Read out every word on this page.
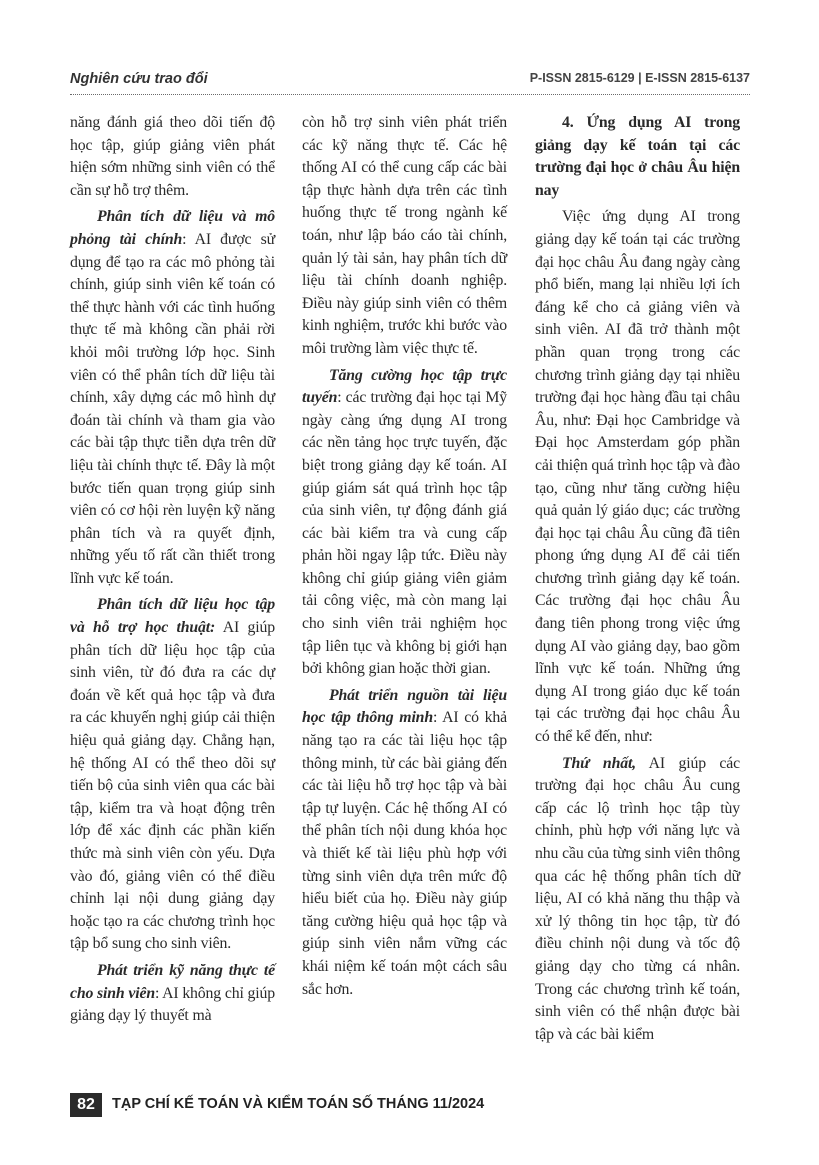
Nghiên cứu trao đổi	P-ISSN 2815-6129 | E-ISSN 2815-6137

năng đánh giá theo dõi tiến độ học tập, giúp giảng viên phát hiện sớm những sinh viên có thể cần sự hỗ trợ thêm.

Phân tích dữ liệu và mô phỏng tài chính: AI được sử dụng để tạo ra các mô phỏng tài chính, giúp sinh viên kế toán có thể thực hành với các tình huống thực tế mà không cần phải rời khỏi môi trường lớp học. Sinh viên có thể phân tích dữ liệu tài chính, xây dựng các mô hình dự đoán tài chính và tham gia vào các bài tập thực tiễn dựa trên dữ liệu tài chính thực tế. Đây là một bước tiến quan trọng giúp sinh viên có cơ hội rèn luyện kỹ năng phân tích và ra quyết định, những yếu tố rất cần thiết trong lĩnh vực kế toán.

Phân tích dữ liệu học tập và hỗ trợ học thuật: AI giúp phân tích dữ liệu học tập của sinh viên, từ đó đưa ra các dự đoán về kết quả học tập và đưa ra các khuyến nghị giúp cải thiện hiệu quả giảng dạy. Chẳng hạn, hệ thống AI có thể theo dõi sự tiến bộ của sinh viên qua các bài tập, kiểm tra và hoạt động trên lớp để xác định các phần kiến thức mà sinh viên còn yếu. Dựa vào đó, giảng viên có thể điều chỉnh lại nội dung giảng dạy hoặc tạo ra các chương trình học tập bổ sung cho sinh viên.

Phát triển kỹ năng thực tế cho sinh viên: AI không chỉ giúp giảng dạy lý thuyết mà

còn hỗ trợ sinh viên phát triển các kỹ năng thực tế. Các hệ thống AI có thể cung cấp các bài tập thực hành dựa trên các tình huống thực tế trong ngành kế toán, như lập báo cáo tài chính, quản lý tài sản, hay phân tích dữ liệu tài chính doanh nghiệp. Điều này giúp sinh viên có thêm kinh nghiệm, trước khi bước vào môi trường làm việc thực tế.

Tăng cường học tập trực tuyến: các trường đại học tại Mỹ ngày càng ứng dụng AI trong các nền tảng học trực tuyến, đặc biệt trong giảng dạy kế toán. AI giúp giám sát quá trình học tập của sinh viên, tự động đánh giá các bài kiểm tra và cung cấp phản hồi ngay lập tức. Điều này không chỉ giúp giảng viên giảm tải công việc, mà còn mang lại cho sinh viên trải nghiệm học tập liên tục và không bị giới hạn bởi không gian hoặc thời gian.

Phát triển nguồn tài liệu học tập thông minh: AI có khả năng tạo ra các tài liệu học tập thông minh, từ các bài giảng đến các tài liệu hỗ trợ học tập và bài tập tự luyện. Các hệ thống AI có thể phân tích nội dung khóa học và thiết kế tài liệu phù hợp với từng sinh viên dựa trên mức độ hiểu biết của họ. Điều này giúp tăng cường hiệu quả học tập và giúp sinh viên nắm vững các khái niệm kế toán một cách sâu sắc hơn.

4. Ứng dụng AI trong giảng dạy kế toán tại các trường đại học ở châu Âu hiện nay

Việc ứng dụng AI trong giảng dạy kế toán tại các trường đại học châu Âu đang ngày càng phổ biến, mang lại nhiều lợi ích đáng kể cho cả giảng viên và sinh viên. AI đã trở thành một phần quan trọng trong các chương trình giảng dạy tại nhiều trường đại học hàng đầu tại châu Âu, như: Đại học Cambridge và Đại học Amsterdam góp phần cải thiện quá trình học tập và đào tạo, cũng như tăng cường hiệu quả quản lý giáo dục; các trường đại học tại châu Âu cũng đã tiên phong ứng dụng AI để cải tiến chương trình giảng dạy kế toán. Các trường đại học châu Âu đang tiên phong trong việc ứng dụng AI vào giảng dạy, bao gồm lĩnh vực kế toán. Những ứng dụng AI trong giáo dục kế toán tại các trường đại học châu Âu có thể kể đến, như:

Thứ nhất, AI giúp các trường đại học châu Âu cung cấp các lộ trình học tập tùy chỉnh, phù hợp với năng lực và nhu cầu của từng sinh viên thông qua các hệ thống phân tích dữ liệu, AI có khả năng thu thập và xử lý thông tin học tập, từ đó điều chỉnh nội dung và tốc độ giảng dạy cho từng cá nhân. Trong các chương trình kế toán, sinh viên có thể nhận được bài tập và các bài kiểm

82	TẠP CHÍ KẾ TOÁN VÀ KIỂM TOÁN SỐ THÁNG 11/2024
